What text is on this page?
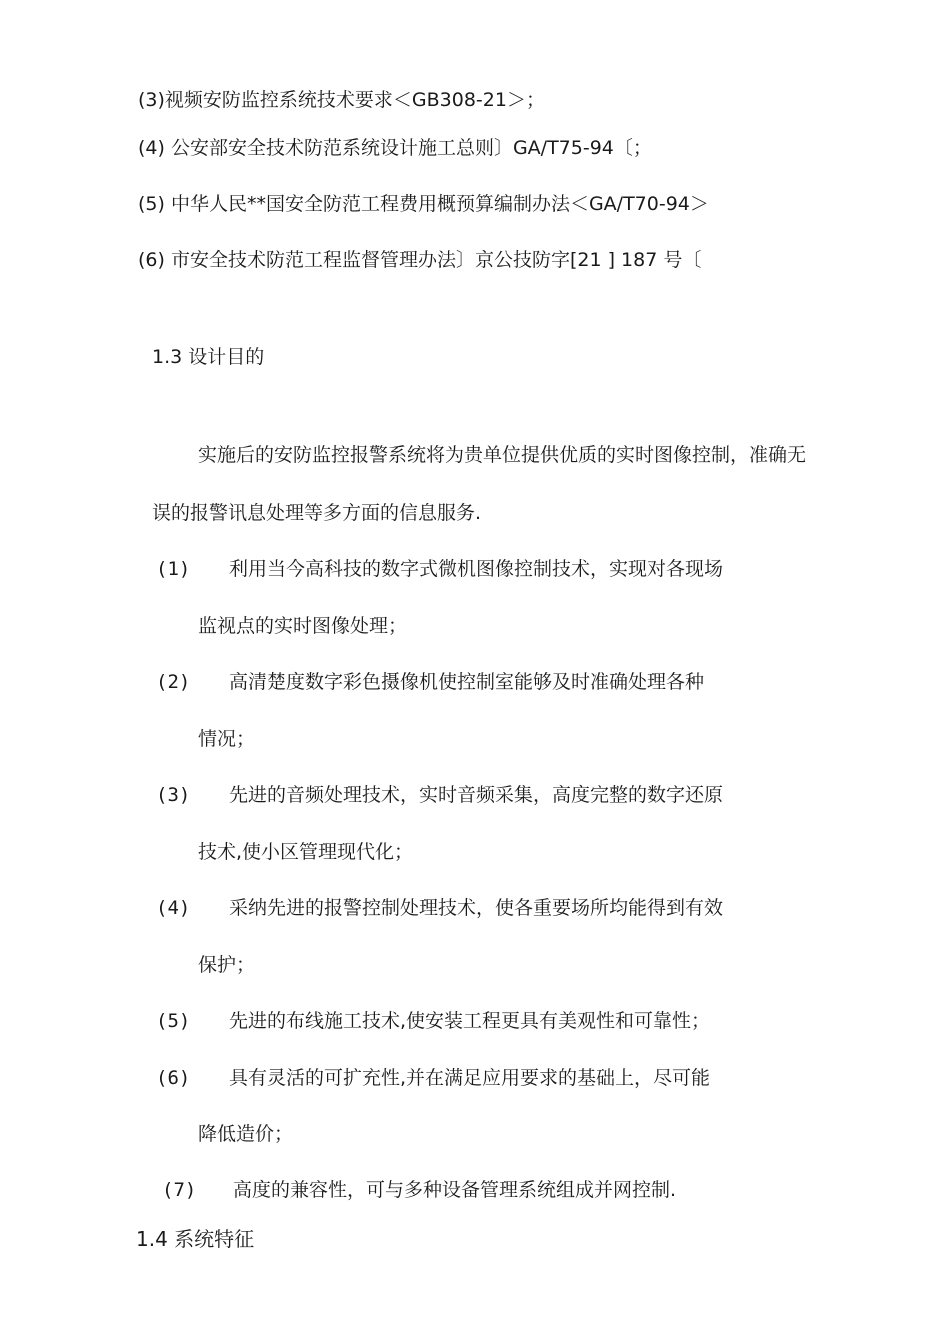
(3)视频安防监控系统技术要求＜GB308-21＞；
(4) 公安部安全技术防范系统设计施工总则〕GA/T75-94〔；
(5) 中华人民**国安全防范工程费用概预算编制办法＜GA/T70-94＞
(6) 市安全技术防范工程监督管理办法〕京公技防字[21 ] 187 号〔
1.3 设计目的
实施后的安防监控报警系统将为贵单位提供优质的实时图像控制，准确无
误的报警讯息处理等多方面的信息服务.
(1) 利用当今高科技的数字式微机图像控制技术，实现对各现场
监视点的实时图像处理；
(2) 高清楚度数字彩色摄像机使控制室能够及时准确处理各种
情况；
(3) 先进的音频处理技术，实时音频采集，高度完整的数字还原
技术,使小区管理现代化；
(4) 采纳先进的报警控制处理技术，使各重要场所均能得到有效
保护；
(5) 先进的布线施工技术,使安装工程更具有美观性和可靠性；
(6) 具有灵活的可扩充性,并在满足应用要求的基础上，尽可能
降低造价；
(7) 高度的兼容性，可与多种设备管理系统组成并网控制.
1.4 系统特征
